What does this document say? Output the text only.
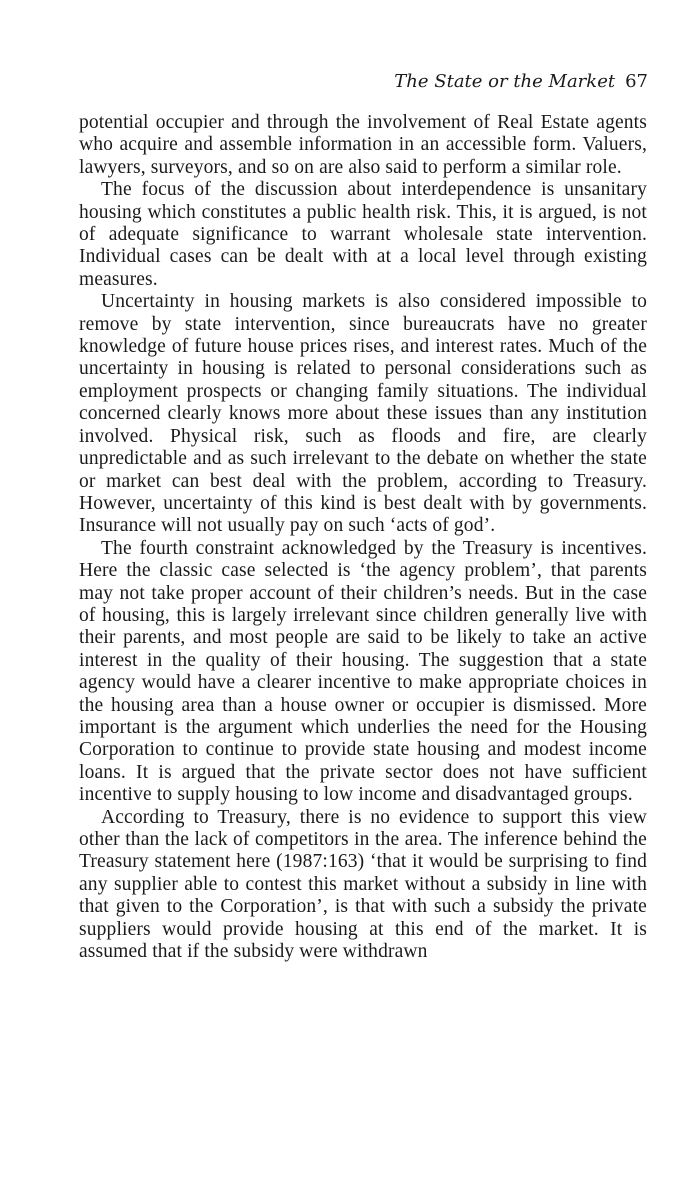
The State or the Market 67

potential occupier and through the involvement of Real Estate agents who acquire and assemble information in an accessible form. Valuers, lawyers, surveyors, and so on are also said to perform a similar role.

The focus of the discussion about interdependence is unsanitary housing which constitutes a public health risk. This, it is argued, is not of adequate significance to warrant wholesale state intervention. Individual cases can be dealt with at a local level through existing measures.

Uncertainty in housing markets is also considered impossible to remove by state intervention, since bureaucrats have no greater knowledge of future house prices rises, and interest rates. Much of the uncertainty in housing is related to personal considerations such as employment prospects or changing family situations. The individual concerned clearly knows more about these issues than any institution involved. Physical risk, such as floods and fire, are clearly unpredictable and as such irrelevant to the debate on whether the state or market can best deal with the problem, according to Treasury. However, uncertainty of this kind is best dealt with by governments. Insurance will not usually pay on such ‘acts of god’.

The fourth constraint acknowledged by the Treasury is incentives. Here the classic case selected is ‘the agency problem’, that parents may not take proper account of their children’s needs. But in the case of housing, this is largely irrelevant since children generally live with their parents, and most people are said to be likely to take an active interest in the quality of their housing. The suggestion that a state agency would have a clearer incentive to make appropriate choices in the housing area than a house owner or occupier is dismissed. More important is the argument which underlies the need for the Housing Corporation to continue to provide state housing and modest income loans. It is argued that the private sector does not have sufficient incentive to supply housing to low income and disadvantaged groups.

According to Treasury, there is no evidence to support this view other than the lack of competitors in the area. The inference behind the Treasury statement here (1987:163) ‘that it would be surprising to find any supplier able to contest this market without a subsidy in line with that given to the Corporation’, is that with such a subsidy the private suppliers would provide housing at this end of the market. It is assumed that if the subsidy were withdrawn
